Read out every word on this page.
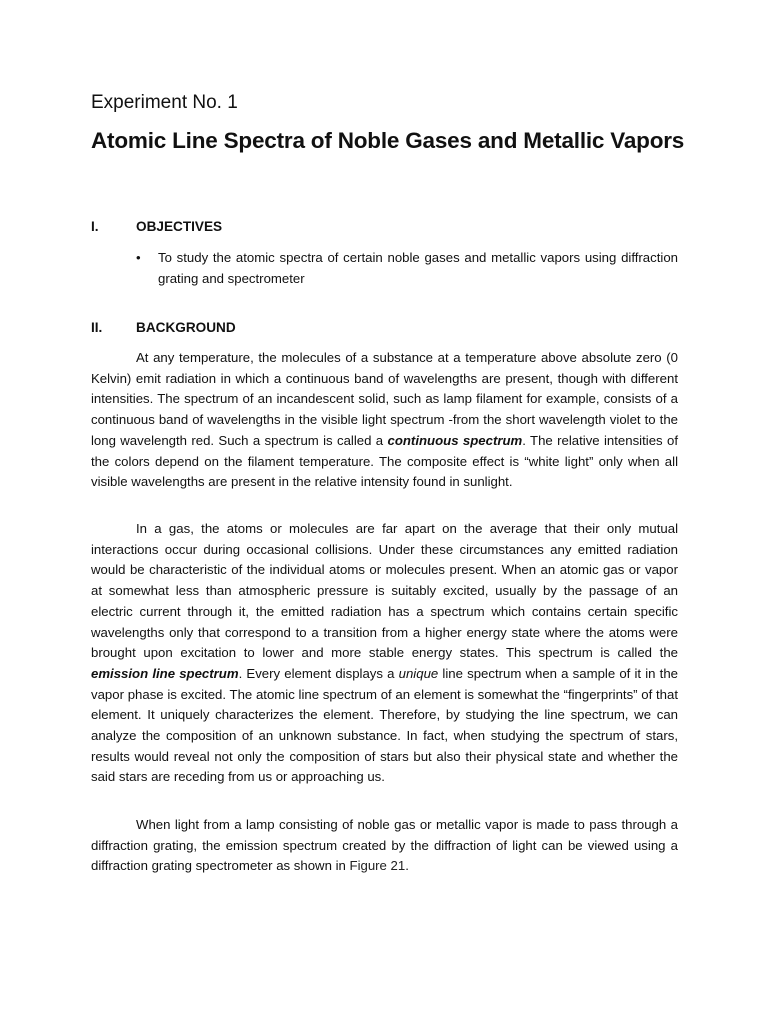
Experiment No. 1
Atomic Line Spectra of Noble Gases and Metallic Vapors
I.	OBJECTIVES
•	To study the atomic spectra of certain noble gases and metallic vapors using diffraction grating and spectrometer
II. BACKGROUND

At any temperature, the molecules of a substance at a temperature above absolute zero (0 Kelvin) emit radiation in which a continuous band of wavelengths are present, though with different intensities. The spectrum of an incandescent solid, such as lamp filament for example, consists of a continuous band of wavelengths in the visible light spectrum -from the short wavelength violet to the long wavelength red. Such a spectrum is called a continuous spectrum. The relative intensities of the colors depend on the filament temperature. The composite effect is “white light” only when all visible wavelengths are present in the relative intensity found in sunlight.

In a gas, the atoms or molecules are far apart on the average that their only mutual interactions occur during occasional collisions. Under these circumstances any emitted radiation would be characteristic of the individual atoms or molecules present. When an atomic gas or vapor at somewhat less than atmospheric pressure is suitably excited, usually by the passage of an electric current through it, the emitted radiation has a spectrum which contains certain specific wavelengths only that correspond to a transition from a higher energy state where the atoms were brought upon excitation to lower and more stable energy states. This spectrum is called the emission line spectrum. Every element displays a unique line spectrum when a sample of it in the vapor phase is excited. The atomic line spectrum of an element is somewhat the “fingerprints” of that element. It uniquely characterizes the element. Therefore, by studying the line spectrum, we can analyze the composition of an unknown substance. In fact, when studying the spectrum of stars, results would reveal not only the composition of stars but also their physical state and whether the said stars are receding from us or approaching us.

When light from a lamp consisting of noble gas or metallic vapor is made to pass through a diffraction grating, the emission spectrum created by the diffraction of light can be viewed using a diffraction grating spectrometer as shown in Figure 21.
